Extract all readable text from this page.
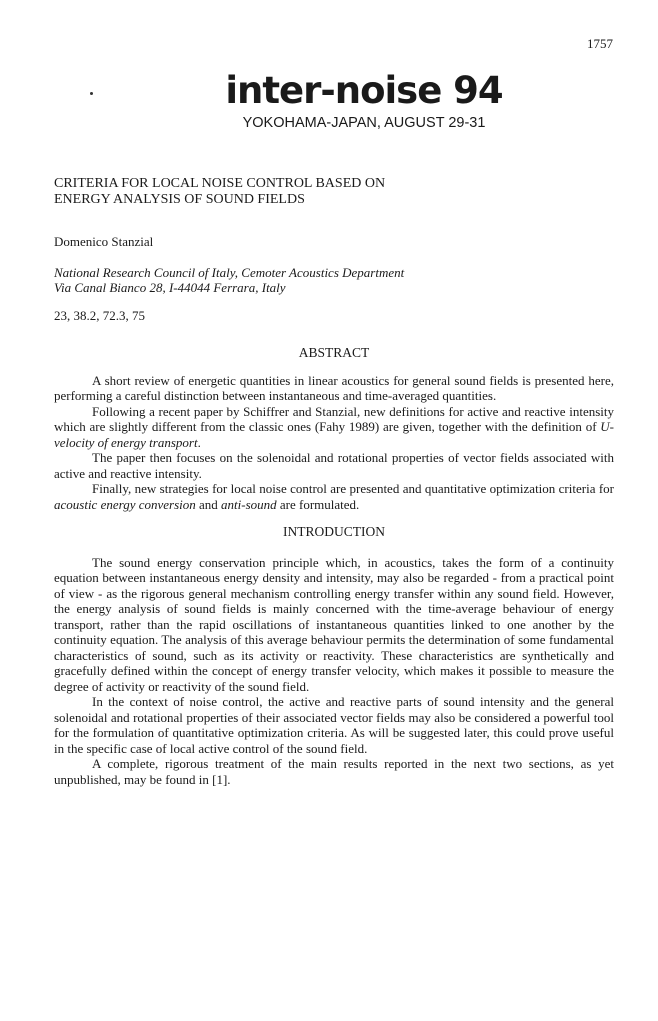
1757
inter-noise 94
YOKOHAMA-JAPAN, AUGUST 29-31
CRITERIA FOR LOCAL NOISE CONTROL BASED ON
ENERGY ANALYSIS OF SOUND FIELDS
Domenico Stanzial
National Research Council of Italy, Cemoter Acoustics Department
Via Canal Bianco 28, I-44044 Ferrara, Italy
23, 38.2, 72.3, 75
ABSTRACT

A short review of energetic quantities in linear acoustics for general sound fields is presented here, performing a careful distinction between instantaneous and time-averaged quantities.

Following a recent paper by Schiffrer and Stanzial, new definitions for active and reactive intensity which are slightly different from the classic ones (Fahy 1989) are given, together with the definition of U-velocity of energy transport.

The paper then focuses on the solenoidal and rotational properties of vector fields associated with active and reactive intensity.

Finally, new strategies for local noise control are presented and quantitative optimization criteria for acoustic energy conversion and anti-sound are formulated.

INTRODUCTION

The sound energy conservation principle which, in acoustics, takes the form of a continuity equation between instantaneous energy density and intensity, may also be regarded - from a practical point of view - as the rigorous general mechanism controlling energy transfer within any sound field. However, the energy analysis of sound fields is mainly concerned with the time-average behaviour of energy transport, rather than the rapid oscillations of instantaneous quantities linked to one another by the continuity equation. The analysis of this average behaviour permits the determination of some fundamental characteristics of sound, such as its activity or reactivity. These characteristics are synthetically and gracefully defined within the concept of energy transfer velocity, which makes it possible to measure the degree of activity or reactivity of the sound field.

In the context of noise control, the active and reactive parts of sound intensity and the general solenoidal and rotational properties of their associated vector fields may also be considered a powerful tool for the formulation of quantitative optimization criteria. As will be suggested later, this could prove useful in the specific case of local active control of the sound field.

A complete, rigorous treatment of the main results reported in the next two sections, as yet unpublished, may be found in [1].
